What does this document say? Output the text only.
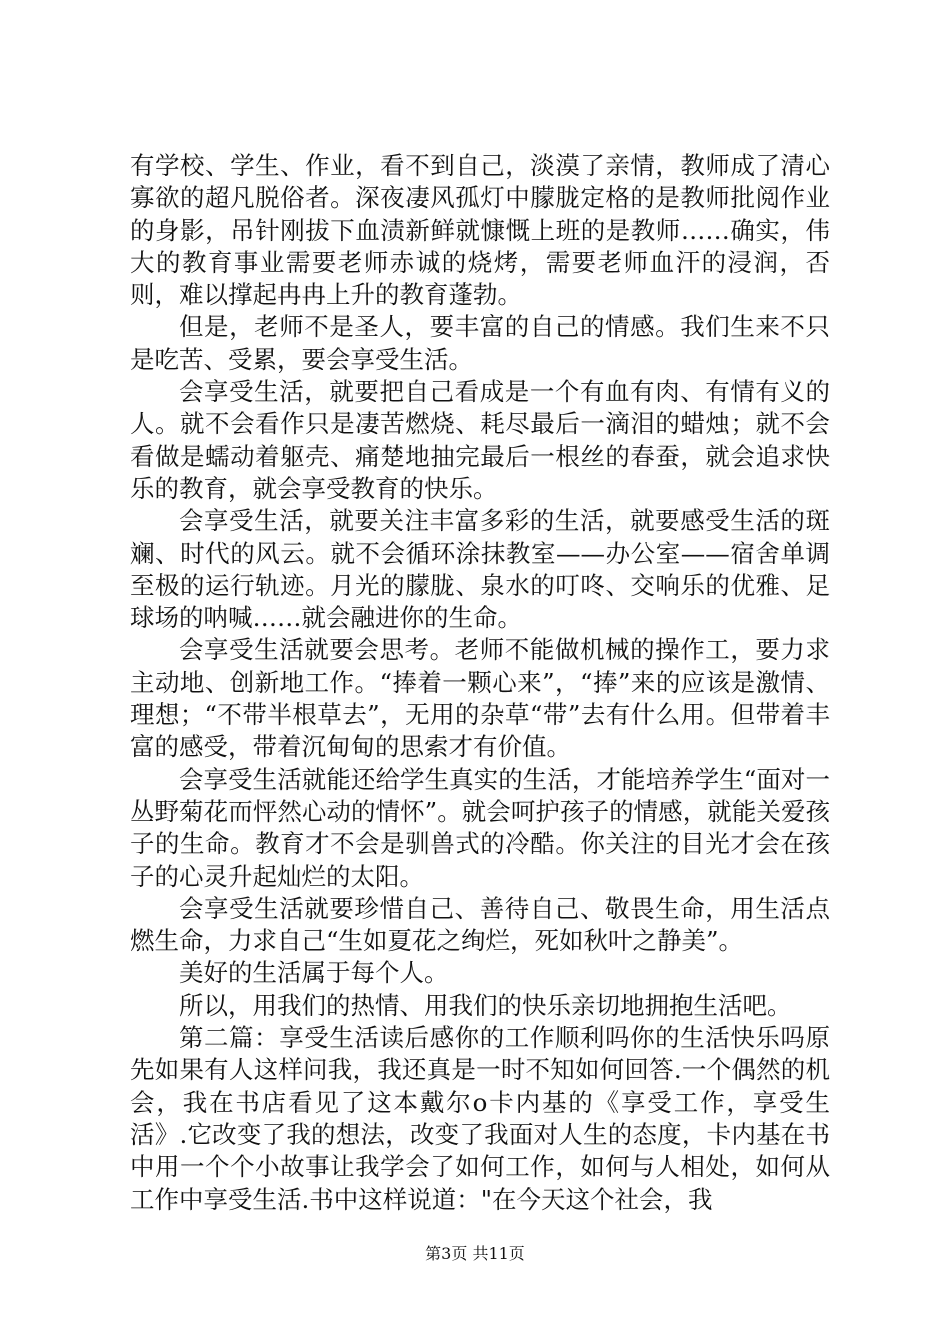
有学校、学生、作业，看不到自己，淡漠了亲情，教师成了清心寡欲的超凡脱俗者。深夜凄风孤灯中朦胧定格的是教师批阅作业的身影，吊针刚拔下血渍新鲜就慷慨上班的是教师……确实，伟大的教育事业需要老师赤诚的烧烤，需要老师血汗的浸润，否则，难以撑起冉冉上升的教育蓬勃。

但是，老师不是圣人，要丰富的自己的情感。我们生来不只是吃苦、受累，要会享受生活。

会享受生活，就要把自己看成是一个有血有肉、有情有义的人。就不会看作只是凄苦燃烧、耗尽最后一滴泪的蜡烛；就不会看做是蠕动着躯壳、痛楚地抽完最后一根丝的春蚕，就会追求快乐的教育，就会享受教育的快乐。

会享受生活，就要关注丰富多彩的生活，就要感受生活的斑斓、时代的风云。就不会循环涂抹教室——办公室——宿舍单调至极的运行轨迹。月光的朦胧、泉水的叮咚、交响乐的优雅、足球场的呐喊……就会融进你的生命。

会享受生活就要会思考。老师不能做机械的操作工，要力求主动地、创新地工作。“捧着一颗心来”，“捧”来的应该是激情、理想；“不带半根草去”，无用的杂草“带”去有什么用。但带着丰富的感受，带着沉甸甸的思索才有价值。

会享受生活就能还给学生真实的生活，才能培养学生“面对一丛野菊花而怦然心动的情怀”。就会呵护孩子的情感，就能关爱孩子的生命。教育才不会是驯兽式的冷酷。你关注的目光才会在孩子的心灵升起灿烂的太阳。

会享受生活就要珍惜自己、善待自己、敬畏生命，用生活点燃生命，力求自己“生如夏花之绚烂，死如秋叶之静美”。

美好的生活属于每个人。

所以，用我们的热情、用我们的快乐亲切地拥抱生活吧。

第二篇：享受生活读后感你的工作顺利吗你的生活快乐吗原先如果有人这样问我，我还真是一时不知如何回答.一个偶然的机会，我在书店看见了这本戴尔o卡内基的《享受工作，享受生活》.它改变了我的想法，改变了我面对人生的态度，卡内基在书中用一个个小故事让我学会了如何工作，如何与人相处，如何从工作中享受生活.书中这样说道："在今天这个社会，我

第3页 共11页
